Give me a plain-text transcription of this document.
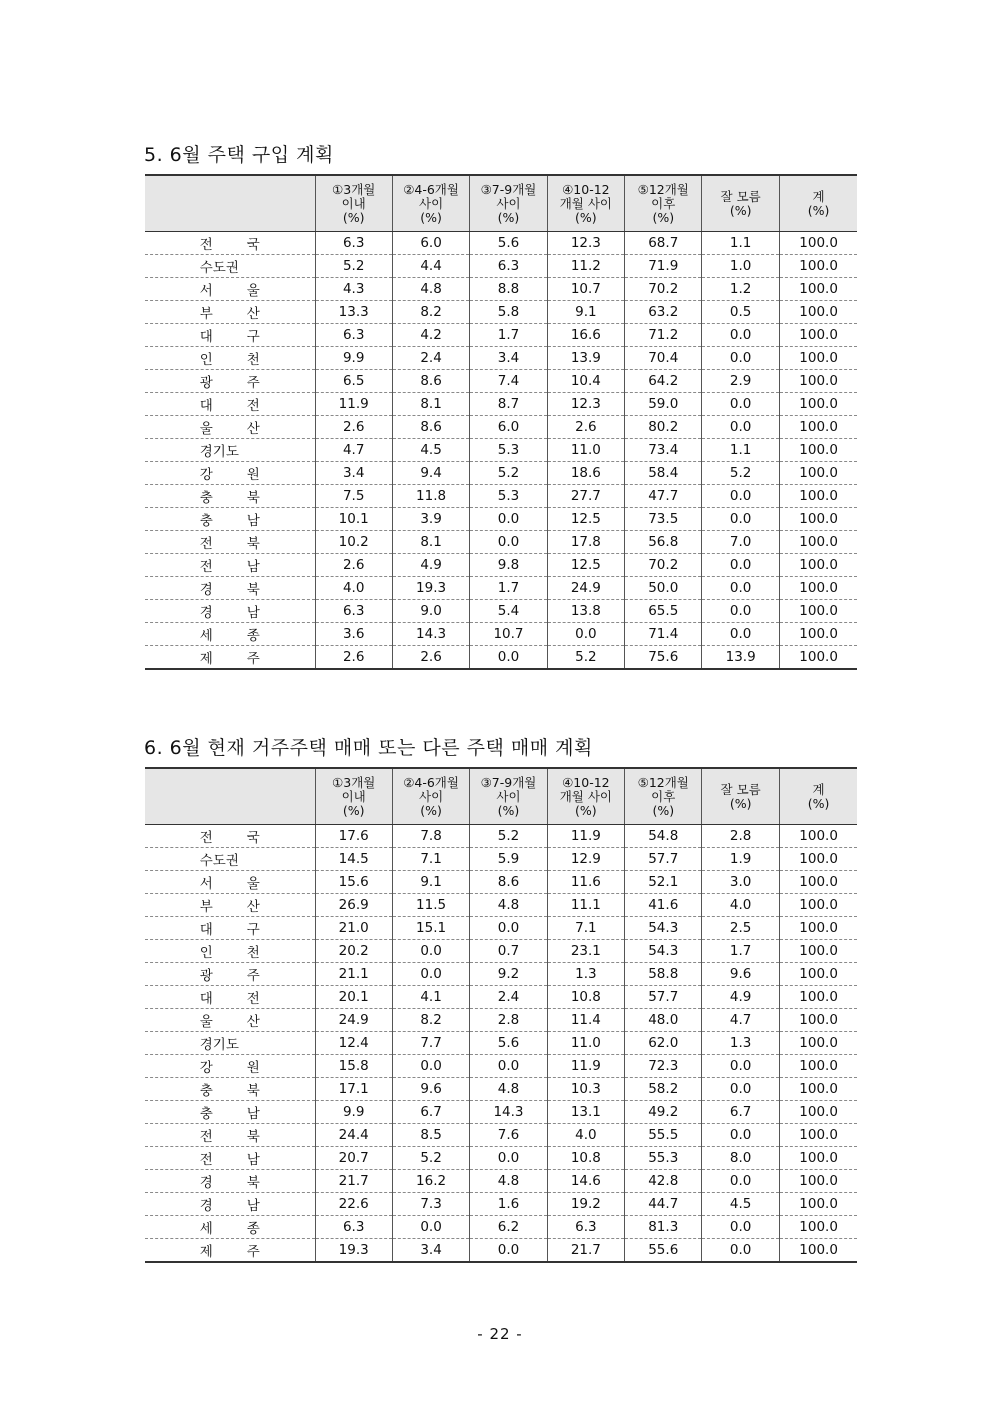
5. 6월 주택 구입 계획
	①3개월
이내
(%)	②4-6개월
사이
(%)	③7-9개월
사이
(%)	④10-12
개월 사이
(%)	⑤12개월
이후
(%)	잘 모름
(%)	계
(%)
전 국	6.3	6.0	5.6	12.3	68.7	1.1	100.0
수도권	5.2	4.4	6.3	11.2	71.9	1.0	100.0
서 울	4.3	4.8	8.8	10.7	70.2	1.2	100.0
부 산	13.3	8.2	5.8	9.1	63.2	0.5	100.0
대 구	6.3	4.2	1.7	16.6	71.2	0.0	100.0
인 천	9.9	2.4	3.4	13.9	70.4	0.0	100.0
광 주	6.5	8.6	7.4	10.4	64.2	2.9	100.0
대 전	11.9	8.1	8.7	12.3	59.0	0.0	100.0
울 산	2.6	8.6	6.0	2.6	80.2	0.0	100.0
경기도	4.7	4.5	5.3	11.0	73.4	1.1	100.0
강 원	3.4	9.4	5.2	18.6	58.4	5.2	100.0
충 북	7.5	11.8	5.3	27.7	47.7	0.0	100.0
충 남	10.1	3.9	0.0	12.5	73.5	0.0	100.0
전 북	10.2	8.1	0.0	17.8	56.8	7.0	100.0
전 남	2.6	4.9	9.8	12.5	70.2	0.0	100.0
경 북	4.0	19.3	1.7	24.9	50.0	0.0	100.0
경 남	6.3	9.0	5.4	13.8	65.5	0.0	100.0
세 종	3.6	14.3	10.7	0.0	71.4	0.0	100.0
제 주	2.6	2.6	0.0	5.2	75.6	13.9	100.0
6. 6월 현재 거주주택 매매 또는 다른 주택 매매 계획
	①3개월
이내
(%)	②4-6개월
사이
(%)	③7-9개월
사이
(%)	④10-12
개월 사이
(%)	⑤12개월
이후
(%)	잘 모름
(%)	계
(%)
전 국	17.6	7.8	5.2	11.9	54.8	2.8	100.0
수도권	14.5	7.1	5.9	12.9	57.7	1.9	100.0
서 울	15.6	9.1	8.6	11.6	52.1	3.0	100.0
부 산	26.9	11.5	4.8	11.1	41.6	4.0	100.0
대 구	21.0	15.1	0.0	7.1	54.3	2.5	100.0
인 천	20.2	0.0	0.7	23.1	54.3	1.7	100.0
광 주	21.1	0.0	9.2	1.3	58.8	9.6	100.0
대 전	20.1	4.1	2.4	10.8	57.7	4.9	100.0
울 산	24.9	8.2	2.8	11.4	48.0	4.7	100.0
경기도	12.4	7.7	5.6	11.0	62.0	1.3	100.0
강 원	15.8	0.0	0.0	11.9	72.3	0.0	100.0
충 북	17.1	9.6	4.8	10.3	58.2	0.0	100.0
충 남	9.9	6.7	14.3	13.1	49.2	6.7	100.0
전 북	24.4	8.5	7.6	4.0	55.5	0.0	100.0
전 남	20.7	5.2	0.0	10.8	55.3	8.0	100.0
경 북	21.7	16.2	4.8	14.6	42.8	0.0	100.0
경 남	22.6	7.3	1.6	19.2	44.7	4.5	100.0
세 종	6.3	0.0	6.2	6.3	81.3	0.0	100.0
제 주	19.3	3.4	0.0	21.7	55.6	0.0	100.0
- 22 -
